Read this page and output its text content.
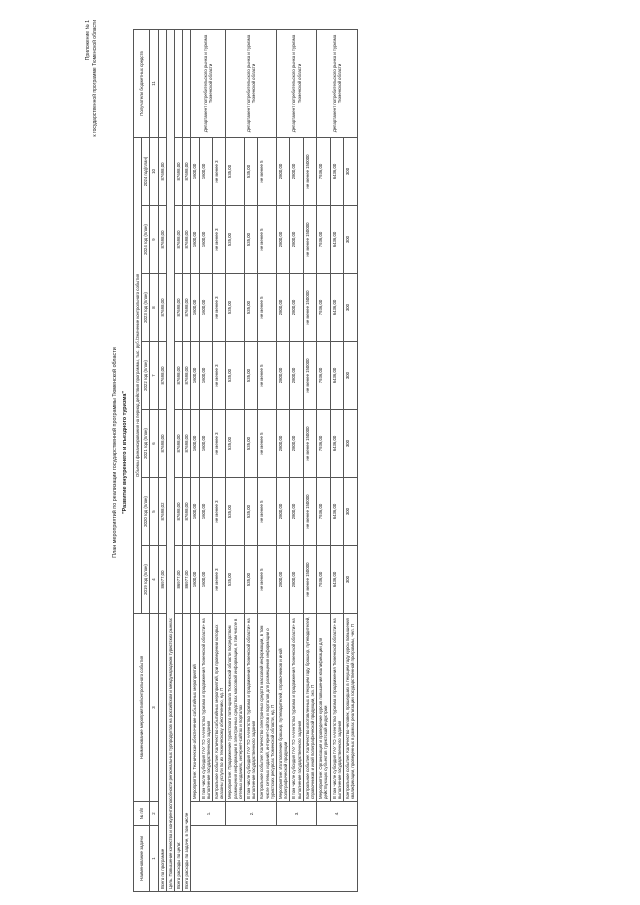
Приложение № 1 к государственной программе Тюменской области
План мероприятий по реализации государственной программы Тюменской области "Развитие внутреннего и въездного туризма"
Наименование задачи	№ п/п	Наименование мероприятия/контрольного события	Объемы финансирования на период действия программы, тыс. руб./Значение контрольного события							Получатели бюджетных средств
			2019 год (план)	2020 год (план)	2021 год (план)	2022 год (план)	2023 год (план)	2024 год (план)	2024 год(план)	
1	2	3	4	5	6	7	8	9	10	11
Всего по программе			86977,00	87698,02	87698,00	87698,00	87698,00	87698,00	87698,00	
Цель. Повышение качества и конкурентоспособности региональных турпродуктов на российском и международном туристских рынках										
Всего расходы по цели:			86977,00	87698,00	87698,00	87698,00	87698,00	87698,00	87698,00	
Всего расходы по задаче, в том числе			86977,00	87698,00	87698,00	87698,00	87698,00	87698,00	87698,00	
	1.	Мероприятие: Техническое обеспечение событийных мероприятий	1600,00	1600,00	1600,00	1600,00	1600,00	1600,00	1600,00	Департамент потребительского рынка и туризма Тюменской области
		В том числе субсидия ГАУ ТО «Агентство туризма и продвижения Тюменской области» на выполнение государственного задания	1600,00	1600,00	1600,00	1600,00	1600,00	1600,00	1600,00	
		Контрольное событие: Количество событийных мероприятий, при проведении которых оказаны услуги по их техническому обеспечению, ед. П	не менее 3	не менее 3	не менее 3	не менее 3	не менее 3	не менее 3	не менее 3	
	2.	Мероприятие: Продвижение туристского потенциала Тюменской области посредством размещения информации в электронных средствах массовой информации, в том числе в сетевых изданиях, интернет-сайтах и порталах	535,00	535,00	535,00	535,00	535,00	535,00	535,00	Департамент потребительского рынка и туризма Тюменской области
		В том числе субсидия ГАУ ТО «Агентство туризма и продвижения Тюменской области» на выполнение государственного задания	535,00	535,00	535,00	535,00	535,00	535,00	535,00	
		Контрольное событие: Количество электронных средств массовой информации, в том числе сетевых изданий, интернет-сайтов и порталов для размещения информации о туристских ресурсах Тюменской области, ед. П	не менее 5	не менее 5	не менее 5	не менее 5	не менее 5	не менее 5	не менее 5	
	3.	Мероприятие: Изготовление брошюр, путеводителей, справочников и иной полиграфической продукции	2800,00	2800,00	2800,00	2800,00	2800,00	2800,00	2800,00	Департамент потребительского рынка и туризма Тюменской области
		В том числе субсидия ГАУ ТО «Агентство туризма и продвижения Тюменской области» на выполнение государственного задания	2800,00	2800,00	2800,00	2800,00	2800,00	2800,00	2800,00	
		Контрольное событие: Количество изготовленных в текущем году брошюр, путеводителей, справочников и иной полиграфической продукции, экз. П	не менее 150000	не менее 150000	не менее 150000	не менее 150000	не менее 150000	не менее 150000	не менее 150000	
	4.	Мероприятие: Организация и проведение курсов повышения квалификации для действующих субъектов туристской индустрии	7936,00	7936,00	7936,00	7936,00	7936,00	7936,00	7936,00	Департамент потребительского рынка и туризма Тюменской области
		В том числе субсидия ГАУ ТО «Агентство туризма и продвижения Тюменской области» на выполнение государственного задания	6436,00	6436,00	6436,00	6436,00	6436,00	6436,00	6436,00	
		Контрольное событие: Количество человек, прошедших в текущем году курсы повышения квалификации, проведенных в рамках реализации государственной программы, чел. П	300	300	300	300	300	300	300	
